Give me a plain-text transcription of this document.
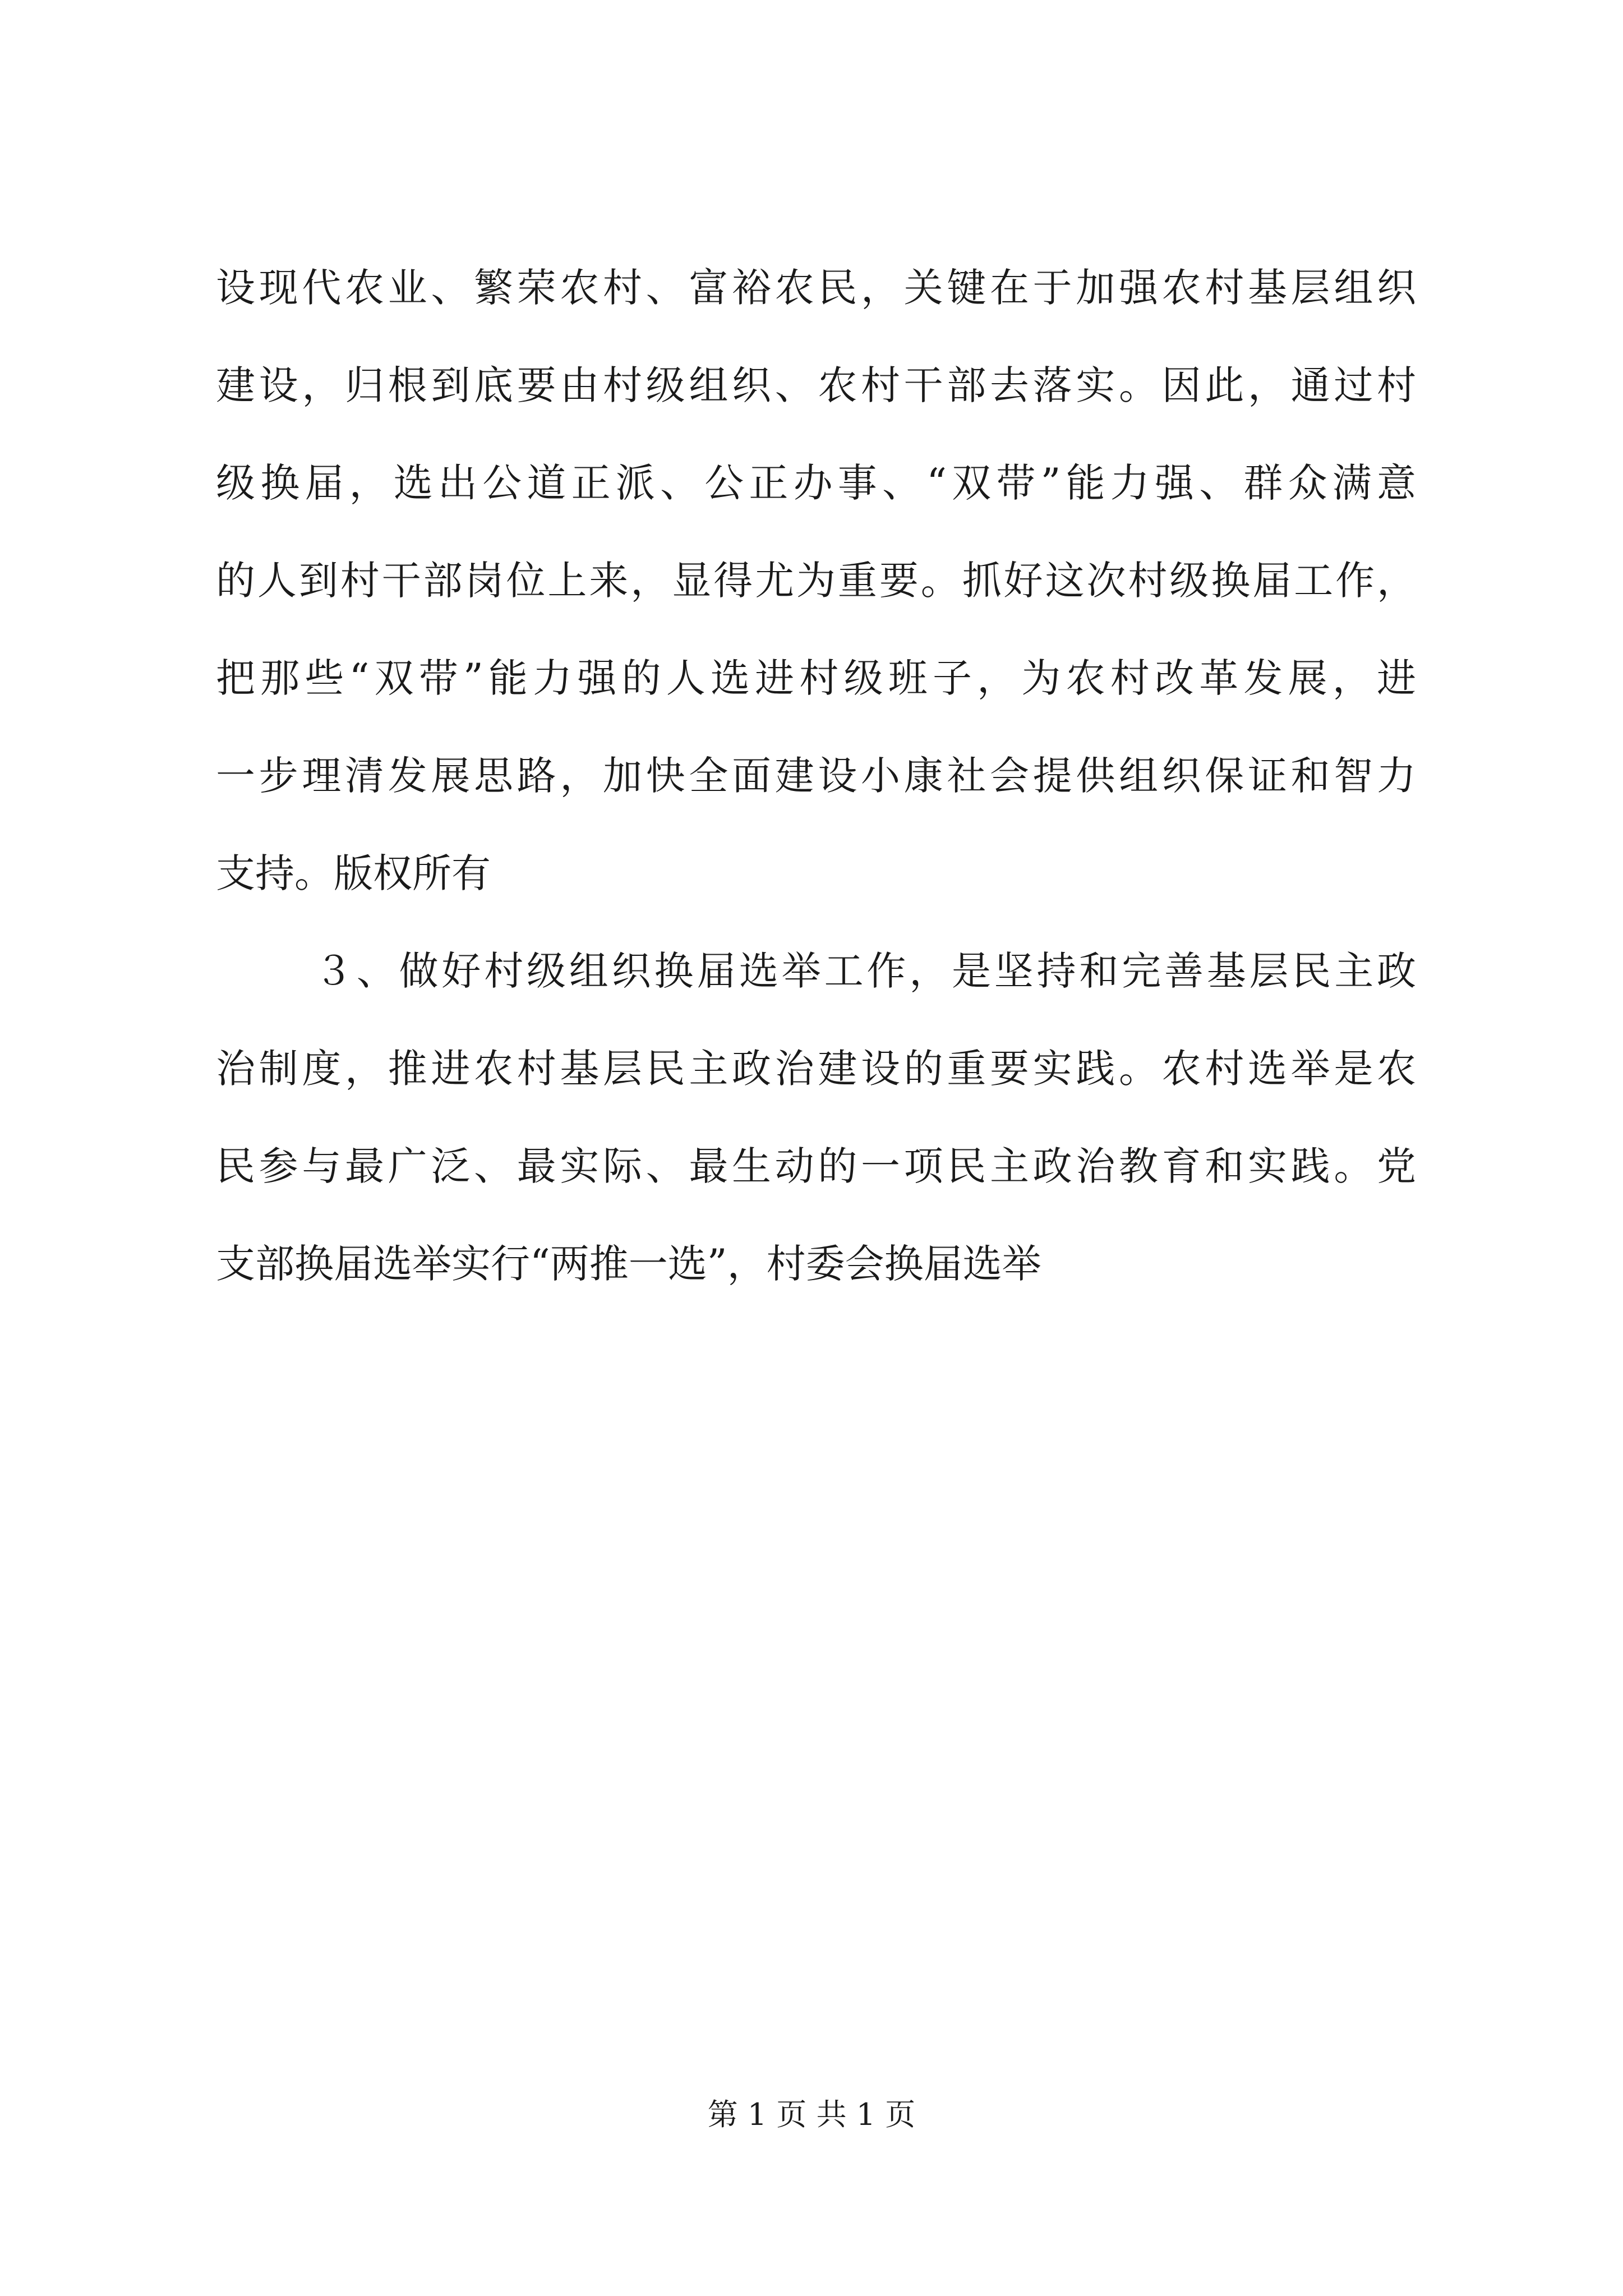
设现代农业、繁荣农村、富裕农民，关键在于加强农村基层组织
建设，归根到底要由村级组织、农村干部去落实。因此，通过村
级换届，选出公道正派、公正办事、“双带”能力强、群众满意
的人到村干部岗位上来，显得尤为重要。抓好这次村级换届工作，
把那些“双带”能力强的人选进村级班子，为农村改革发展，进
一步理清发展思路，加快全面建设小康社会提供组织保证和智力
支持。版权所有
３、做好村级组织换届选举工作，是坚持和完善基层民主政
治制度，推进农村基层民主政治建设的重要实践。农村选举是农
民参与最广泛、最实际、最生动的一项民主政治教育和实践。党
支部换届选举实行“两推一选”，村委会换届选举
第 1 页 共 1 页
